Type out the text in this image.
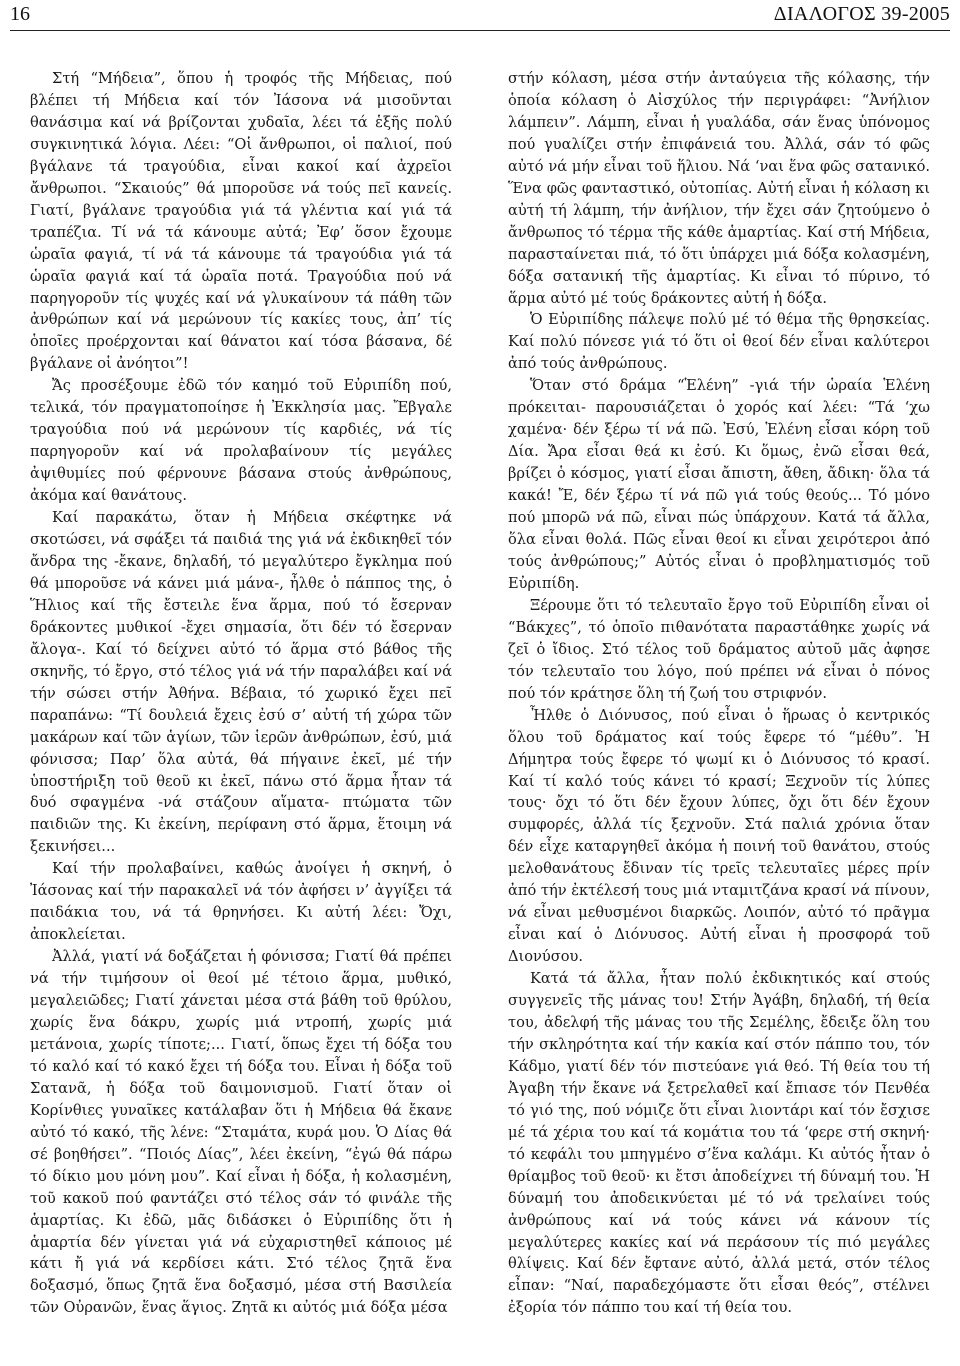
16	ΔΙΑΛΟΓΟΣ 39-2005

Στή “Μήδεια”, ὅπου ἡ τροφός τῆς Μήδειας, πού βλέπει τή Μήδεια καί τόν Ἰάσονα νά μισοῦνται θανάσιμα καί νά βρίζονται χυδαῖα, λέει τά ἑξῆς πολύ συγκινητικά λόγια. Λέει: “Οἱ ἄνθρωποι, οἱ παλιοί, πού βγάλανε τά τραγούδια, εἶναι κακοί καί ἀχρεῖοι ἄνθρωποι. “Σκαιούς” θά μποροῦσε νά τούς πεῖ κανείς. Γιατί, βγάλανε τραγούδια γιά τά γλέντια καί γιά τά τραπέζια. Τί νά τά κάνουμε αὐτά; Ἐφ’ ὅσον ἔχουμε ὡραῖα φαγιά, τί νά τά κάνουμε τά τραγούδια γιά τά ὡραῖα φαγιά καί τά ὡραῖα ποτά. Τραγούδια πού νά παρηγοροῦν τίς ψυχές καί νά γλυκαίνουν τά πάθη τῶν ἀνθρώπων καί νά μερώνουν τίς κακίες τους, ἀπ’ τίς ὁποῖες προέρχονται καί θάνατοι καί τόσα βάσανα, δέ βγάλανε οἱ ἀνόητοι”!

Ἄς προσέξουμε ἐδῶ τόν καημό τοῦ Εὐριπίδη πού, τελικά, τόν πραγματοποίησε ἡ Ἐκκλησία μας. Ἔβγαλε τραγούδια πού νά μερώνουν τίς καρδιές, νά τίς παρηγοροῦν καί νά προλαβαίνουν τίς μεγάλες ἀψιθυμίες πού φέρνουνε βάσανα στούς ἀνθρώπους, ἀκόμα καί θανάτους.

Καί παρακάτω, ὅταν ἡ Μήδεια σκέφτηκε νά σκοτώσει, νά σφάξει τά παιδιά της γιά νά ἐκδικηθεῖ τόν ἄνδρα της -ἔκανε, δηλαδή, τό μεγαλύτερο ἔγκλημα πού θά μποροῦσε νά κάνει μιά μάνα-, ἦλθε ὁ πάππος της, ὁ Ἥλιος καί τῆς ἔστειλε ἕνα ἅρμα, πού τό ἔσερναν δράκοντες μυθικοί -ἔχει σημασία, ὅτι δέν τό ἔσερναν ἄλογα-. Καί τό δείχνει αὐτό τό ἅρμα στό βάθος τῆς σκηνῆς, τό ἔργο, στό τέλος γιά νά τήν παραλάβει καί νά τήν σώσει στήν Ἀθήνα. Βέβαια, τό χωρικό ἔχει πεῖ παραπάνω: “Τί δουλειά ἔχεις ἐσύ σ’ αὐτή τή χώρα τῶν μακάρων καί τῶν ἁγίων, τῶν ἱερῶν ἀνθρώπων, ἐσύ, μιά φόνισσα; Παρ’ ὅλα αὐτά, θά πήγαινε ἐκεῖ, μέ τήν ὑποστήριξη τοῦ θεοῦ κι ἐκεῖ, πάνω στό ἅρμα ἦταν τά δυό σφαγμένα -νά στάζουν αἵματα- πτώματα τῶν παιδιῶν της. Κι ἐκείνη, περίφανη στό ἅρμα, ἕτοιμη νά ξεκινήσει...

Καί τήν προλαβαίνει, καθώς ἀνοίγει ἡ σκηνή, ὁ Ἰάσονας καί τήν παρακαλεῖ νά τόν ἀφήσει ν’ ἀγγίξει τά παιδάκια του, νά τά θρηνήσει. Κι αὐτή λέει: Ὄχι, ἀποκλείεται.

Ἀλλά, γιατί νά δοξάζεται ἡ φόνισσα; Γιατί θά πρέπει νά τήν τιμήσουν οἱ θεοί μέ τέτοιο ἅρμα, μυθικό, μεγαλειῶδες; Γιατί χάνεται μέσα στά βάθη τοῦ θρύλου, χωρίς ἕνα δάκρυ, χωρίς μιά ντροπή, χωρίς μιά μετάνοια, χωρίς τίποτε;... Γιατί, ὅπως ἔχει τή δόξα του τό καλό καί τό κακό ἔχει τή δόξα του. Εἶναι ἡ δόξα τοῦ Σατανᾶ, ἡ δόξα τοῦ δαιμονισμοῦ. Γιατί ὅταν οἱ Κορίνθιες γυναῖκες κατάλαβαν ὅτι ἡ Μήδεια θά ἔκανε αὐτό τό κακό, τῆς λένε: “Σταμάτα, κυρά μου. Ὁ Δίας θά σέ βοηθήσει”. “Ποιός Δίας”, λέει ἐκείνη, “ἐγώ θά πάρω τό δίκιο μου μόνη μου”. Καί εἶναι ἡ δόξα, ἡ κολασμένη, τοῦ κακοῦ πού φαντάζει στό τέλος σάν τό φινάλε τῆς ἁμαρτίας. Κι ἐδῶ, μᾶς διδάσκει ὁ Εὐριπίδης ὅτι ἡ ἁμαρτία δέν γίνεται γιά νά εὐχαριστηθεῖ κάποιος μέ κάτι ἤ γιά νά κερδίσει κάτι. Στό τέλος ζητᾶ ἕνα δοξασμό, ὅπως ζητᾶ ἕνα δοξασμό, μέσα στή Βασιλεία τῶν Οὐρανῶν, ἕνας ἅγιος. Ζητᾶ κι αὐτός μιά δόξα μέσα

στήν κόλαση, μέσα στήν ἀνταύγεια τῆς κόλασης, τήν ὁποία κόλαση ὁ Αἰσχύλος τήν περιγράφει: “Ἀνήλιον λάμπειν”. Λάμπη, εἶναι ἡ γυαλάδα, σάν ἕνας ὑπόνομος πού γυαλίζει στήν ἐπιφάνειά του. Ἀλλά, σάν τό φῶς αὐτό νά μήν εἶναι τοῦ ἥλιου. Νά ‘ναι ἕνα φῶς σατανικό. Ἕνα φῶς φανταστικό, οὐτοπίας. Αὐτή εἶναι ἡ κόλαση κι αὐτή τή λάμπη, τήν ἀνήλιον, τήν ἔχει σάν ζητούμενο ὁ ἄνθρωπος τό τέρμα τῆς κάθε ἁμαρτίας. Καί στή Μήδεια, παρασταίνεται πιά, τό ὅτι ὑπάρχει μιά δόξα κολασμένη, δόξα σατανική τῆς ἁμαρτίας. Κι εἶναι τό πύρινο, τό ἅρμα αὐτό μέ τούς δράκοντες αὐτή ἡ δόξα.

Ὁ Εὐριπίδης πάλεψε πολύ μέ τό θέμα τῆς θρησκείας. Καί πολύ πόνεσε γιά τό ὅτι οἱ θεοί δέν εἶναι καλύτεροι ἀπό τούς ἀνθρώπους.

Ὅταν στό δράμα “Ἑλένη” -γιά τήν ὡραία Ἑλένη πρόκειται- παρουσιάζεται ὁ χορός καί λέει: “Τά ‘χω χαμένα· δέν ξέρω τί νά πῶ. Ἐσύ, Ἑλένη εἶσαι κόρη τοῦ Δία. Ἄρα εἶσαι θεά κι ἐσύ. Κι ὅμως, ἐνῶ εἶσαι θεά, βρίζει ὁ κόσμος, γιατί εἶσαι ἄπιστη, ἄθεη, ἄδικη· ὅλα τά κακά! Ἔ, δέν ξέρω τί νά πῶ γιά τούς θεούς... Τό μόνο πού μπορῶ νά πῶ, εἶναι πώς ὑπάρχουν. Κατά τά ἄλλα, ὅλα εἶναι θολά. Πῶς εἶναι θεοί κι εἶναι χειρότεροι ἀπό τούς ἀνθρώπους;” Αὐτός εἶναι ὁ προβληματισμός τοῦ Εὐριπίδη.

Ξέρουμε ὅτι τό τελευταῖο ἔργο τοῦ Εὐριπίδη εἶναι οἱ “Βάκχες”, τό ὁποῖο πιθανότατα παραστάθηκε χωρίς νά ζεῖ ὁ ἴδιος. Στό τέλος τοῦ δράματος αὐτοῦ μᾶς ἀφησε τόν τελευταῖο του λόγο, πού πρέπει νά εἶναι ὁ πόνος πού τόν κράτησε ὅλη τή ζωή του στριφνόν.

Ἦλθε ὁ Διόνυσος, πού εἶναι ὁ ἥρωας ὁ κεντρικός ὅλου τοῦ δράματος καί τούς ἔφερε τό “μέθυ”. Ἡ Δήμητρα τούς ἔφερε τό ψωμί κι ὁ Διόνυσος τό κρασί. Καί τί καλό τούς κάνει τό κρασί; Ξεχνοῦν τίς λύπες τους· ὄχι τό ὅτι δέν ἔχουν λύπες, ὄχι ὅτι δέν ἔχουν συμφορές, ἀλλά τίς ξεχνοῦν. Στά παλιά χρόνια ὅταν δέν εἶχε καταργηθεῖ ἀκόμα ἡ ποινή τοῦ θανάτου, στούς μελοθανάτους ἔδιναν τίς τρεῖς τελευταῖες μέρες πρίν ἀπό τήν ἐκτέλεσή τους μιά νταμιτζάνα κρασί νά πίνουν, νά εἶναι μεθυσμένοι διαρκῶς. Λοιπόν, αὐτό τό πρᾶγμα εἶναι καί ὁ Διόνυσος. Αὐτή εἶναι ἡ προσφορά τοῦ Διονύσου.

Κατά τά ἄλλα, ἦταν πολύ ἐκδικητικός καί στούς συγγενεῖς τῆς μάνας του! Στήν Ἀγάβη, δηλαδή, τή θεία του, ἀδελφή τῆς μάνας του τῆς Σεμέλης, ἔδειξε ὅλη του τήν σκληρότητα καί τήν κακία καί στόν πάππο του, τόν Κάδμο, γιατί δέν τόν πιστεύανε γιά θεό. Τή θεία του τή Ἀγαβη τήν ἔκανε νά ξετρελαθεῖ καί ἔπιασε τόν Πενθέα τό γιό της, πού νόμιζε ὅτι εἶναι λιοντάρι καί τόν ἔσχισε μέ τά χέρια του καί τά κομάτια του τά ‘φερε στή σκηνή· τό κεφάλι του μπηγμένο σ’ἕνα καλάμι. Κι αὐτός ἦταν ὁ θρίαμβος τοῦ θεοῦ· κι ἔτσι ἀποδείχνει τή δύναμή του. Ἡ δύναμή του ἀποδεικνύεται μέ τό νά τρελαίνει τούς ἀνθρώπους καί νά τούς κάνει νά κάνουν τίς μεγαλύτερες κακίες καί νά περάσουν τίς πιό μεγάλες θλίψεις. Καί δέν ἔφτανε αὐτό, ἀλλά μετά, στόν τέλος εἶπαν: “Ναί, παραδεχόμαστε ὅτι εἶσαι θεός”, στέλνει ἐξορία τόν πάππο του καί τή θεία του.
